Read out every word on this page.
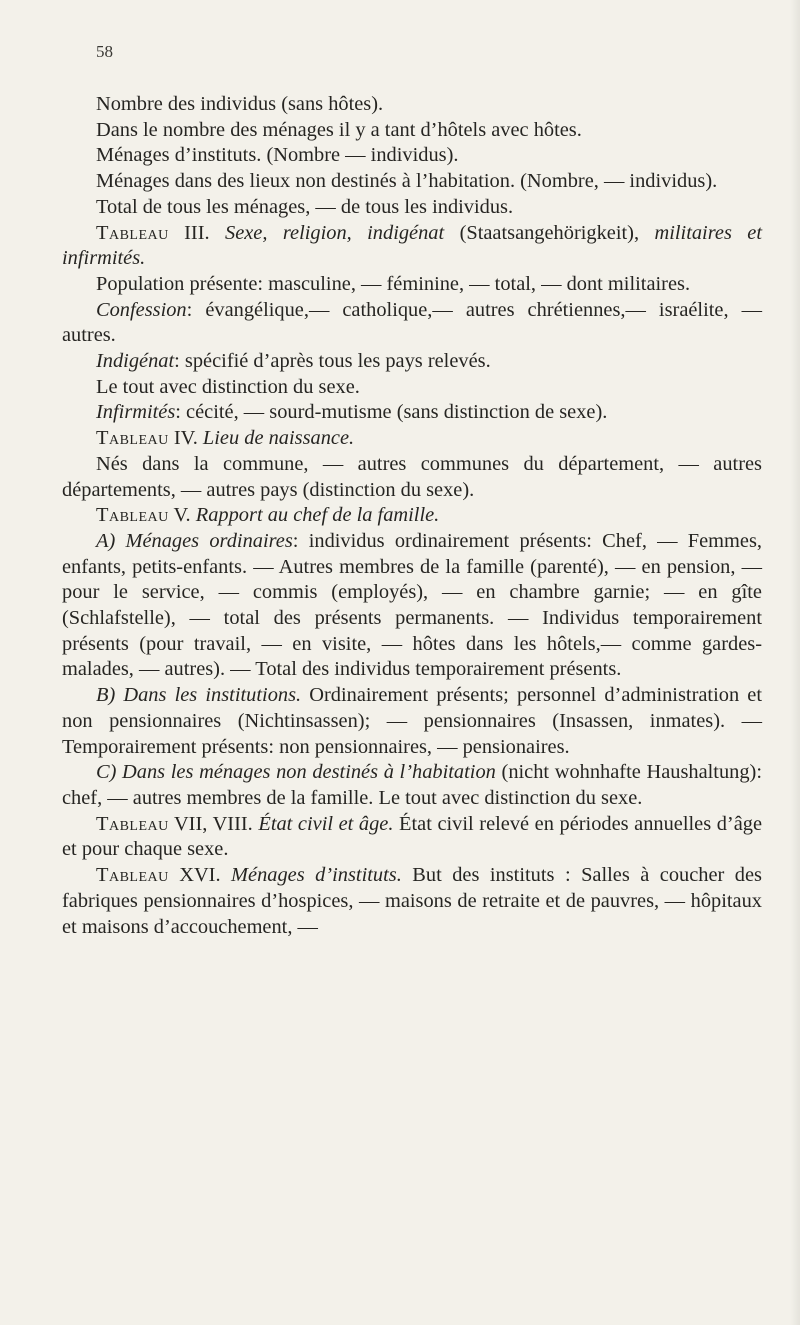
58

Nombre des individus (sans hôtes).

Dans le nombre des ménages il y a tant d’hôtels avec hôtes.

Ménages d’instituts. (Nombre — individus).

Ménages dans des lieux non destinés à l’habitation. (Nombre, — individus).

Total de tous les ménages, — de tous les individus.

Tableau III. Sexe, religion, indigénat (Staatsangehörigkeit), militaires et infirmités.

Population présente: masculine, — féminine, — total, — dont militaires.

Confession: évangélique,— catholique,— autres chrétiennes,— israélite, — autres.

Indigénat: spécifié d’après tous les pays relevés.

Le tout avec distinction du sexe.

Infirmités: cécité, — sourd-mutisme (sans distinction de sexe).

Tableau IV. Lieu de naissance.

Nés dans la commune, — autres communes du département, — autres départements, — autres pays (distinction du sexe).

Tableau V. Rapport au chef de la famille.

A) Ménages ordinaires: individus ordinairement présents: Chef, — Femmes, enfants, petits-enfants. — Autres membres de la famille (parenté), — en pension, — pour le service, — commis (employés), — en chambre garnie; — en gîte (Schlafstelle), — total des présents permanents. — Individus temporairement présents (pour travail, — en visite, — hôtes dans les hôtels,— comme gardes-malades, — autres). — Total des individus temporairement présents.

B) Dans les institutions. Ordinairement présents; personnel d’administration et non pensionnaires (Nichtinsassen); — pensionnaires (Insassen, inmates). — Temporairement présents: non pensionnaires, — pensionaires.

C) Dans les ménages non destinés à l’habitation (nicht wohnhafte Haushaltung): chef, — autres membres de la famille. Le tout avec distinction du sexe.

Tableau VII, VIII. État civil et âge. État civil relevé en périodes annuelles d’âge et pour chaque sexe.

Tableau XVI. Ménages d’instituts. But des instituts : Salles à coucher des fabriques pensionnaires d’hospices, — maisons de retraite et de pauvres, — hôpitaux et maisons d’accouchement, —
